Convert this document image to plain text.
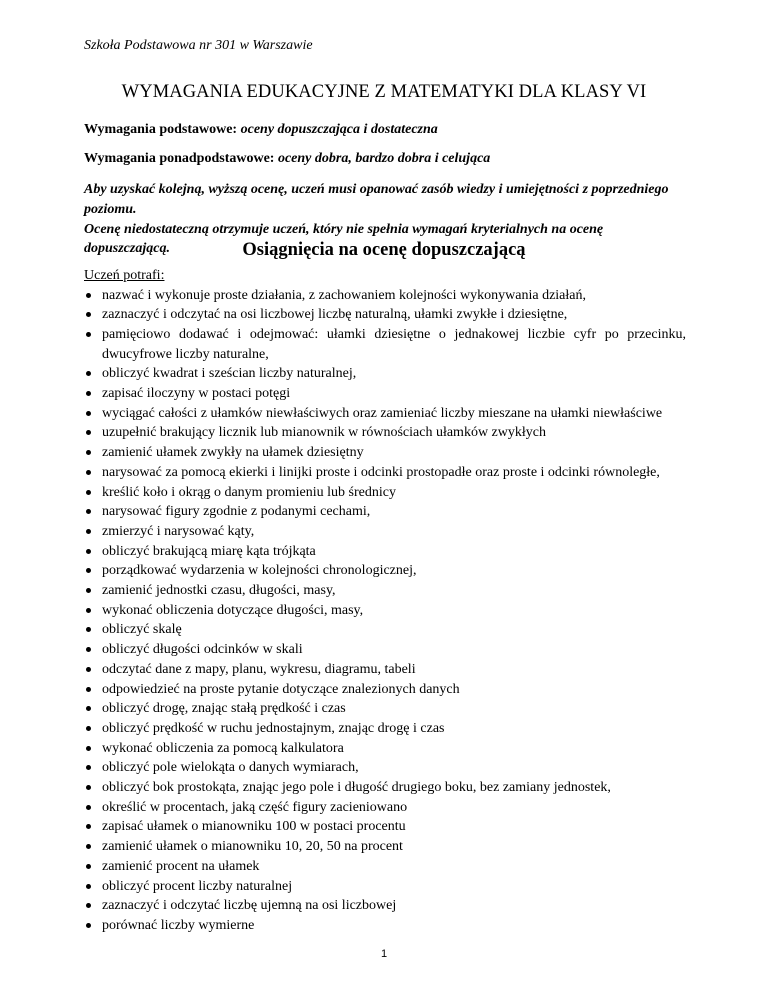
Szkoła Podstawowa nr 301 w Warszawie
WYMAGANIA EDUKACYJNE Z MATEMATYKI DLA KLASY VI
Wymagania podstawowe: oceny dopuszczająca i dostateczna
Wymagania ponadpodstawowe: oceny dobra, bardzo dobra i celująca

Aby uzyskać kolejną, wyższą ocenę, uczeń musi opanować zasób wiedzy i umiejętności z poprzedniego poziomu.

Ocenę niedostateczną otrzymuje uczeń, który nie spełnia wymagań kryterialnych na ocenę dopuszczającą.	Osiągnięcia na ocenę dopuszczającą
Uczeń potrafi:
nazwać i wykonuje proste działania, z zachowaniem kolejności wykonywania działań,
zaznaczyć i odczytać na osi liczbowej liczbę naturalną, ułamki zwykłe i dziesiętne,
pamięciowo dodawać i odejmować: ułamki dziesiętne o jednakowej liczbie cyfr po przecinku, dwucyfrowe liczby naturalne,
obliczyć kwadrat i sześcian liczby naturalnej,
zapisać iloczyny w postaci potęgi
wyciągać całości z ułamków niewłaściwych oraz zamieniać liczby mieszane na ułamki niewłaściwe
uzupełnić brakujący licznik lub mianownik w równościach ułamków zwykłych
zamienić ułamek zwykły na ułamek dziesiętny
narysować za pomocą ekierki i linijki proste i odcinki prostopadłe oraz proste i odcinki równoległe,
kreślić koło i okrąg o danym promieniu lub średnicy
narysować figury zgodnie z podanymi cechami,
zmierzyć i narysować kąty,
obliczyć brakującą miarę kąta trójkąta
porządkować wydarzenia w kolejności chronologicznej,
zamienić jednostki czasu, długości, masy,
wykonać obliczenia dotyczące długości, masy,
obliczyć skalę
obliczyć długości odcinków w skali
odczytać dane z mapy, planu, wykresu, diagramu, tabeli
odpowiedzieć na proste pytanie dotyczące znalezionych danych
obliczyć drogę, znając stałą prędkość i czas
obliczyć prędkość w ruchu jednostajnym, znając drogę i czas
wykonać obliczenia za pomocą kalkulatora
obliczyć pole wielokąta o danych wymiarach,
obliczyć bok prostokąta, znając jego pole i długość drugiego boku, bez zamiany jednostek,
określić w procentach, jaką część figury zacieniowano
zapisać ułamek o mianowniku 100 w postaci procentu
zamienić ułamek o mianowniku 10, 20, 50 na procent
zamienić procent na ułamek
obliczyć procent liczby naturalnej
zaznaczyć i odczytać liczbę ujemną na osi liczbowej
porównać liczby wymierne
1
